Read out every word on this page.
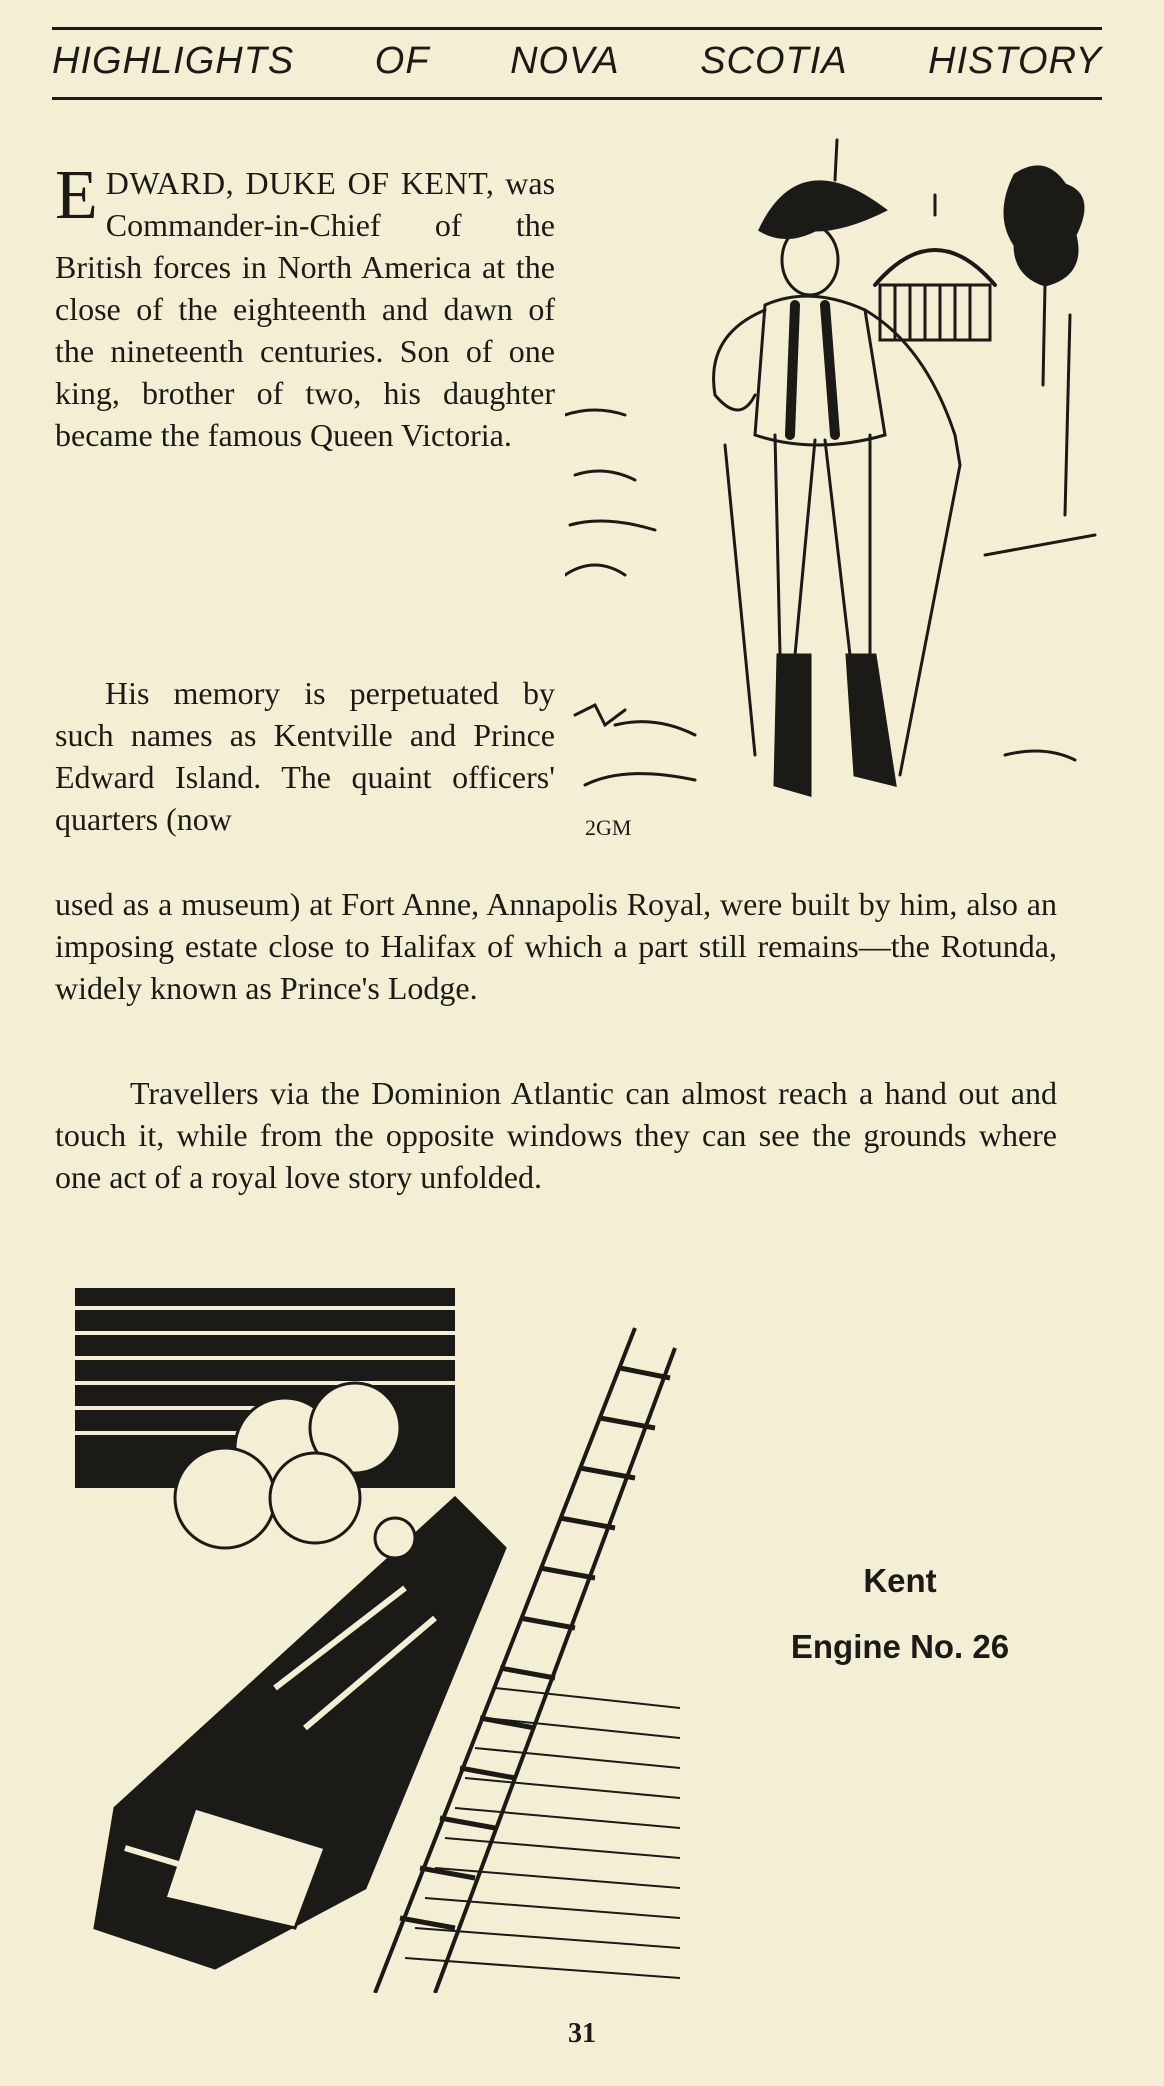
HIGHLIGHTS OF NOVA SCOTIA HISTORY
EDWARD, DUKE OF KENT, was Commander-in-Chief of the British forces in North America at the close of the eighteenth and dawn of the nineteenth centuries. Son of one king, brother of two, his daughter became the famous Queen Victoria.
His memory is perpetuated by such names as Kentville and Prince Edward Island. The quaint officers' quarters (now
used as a museum) at Fort Anne, Annapolis Royal, were built by him, also an imposing estate close to Halifax of which a part still remains—the Rotunda, widely known as Prince's Lodge.
Travellers via the Dominion Atlantic can almost reach a hand out and touch it, while from the opposite windows they can see the grounds where one act of a royal love story unfolded.
2GM
Kent
Engine No. 26
31
